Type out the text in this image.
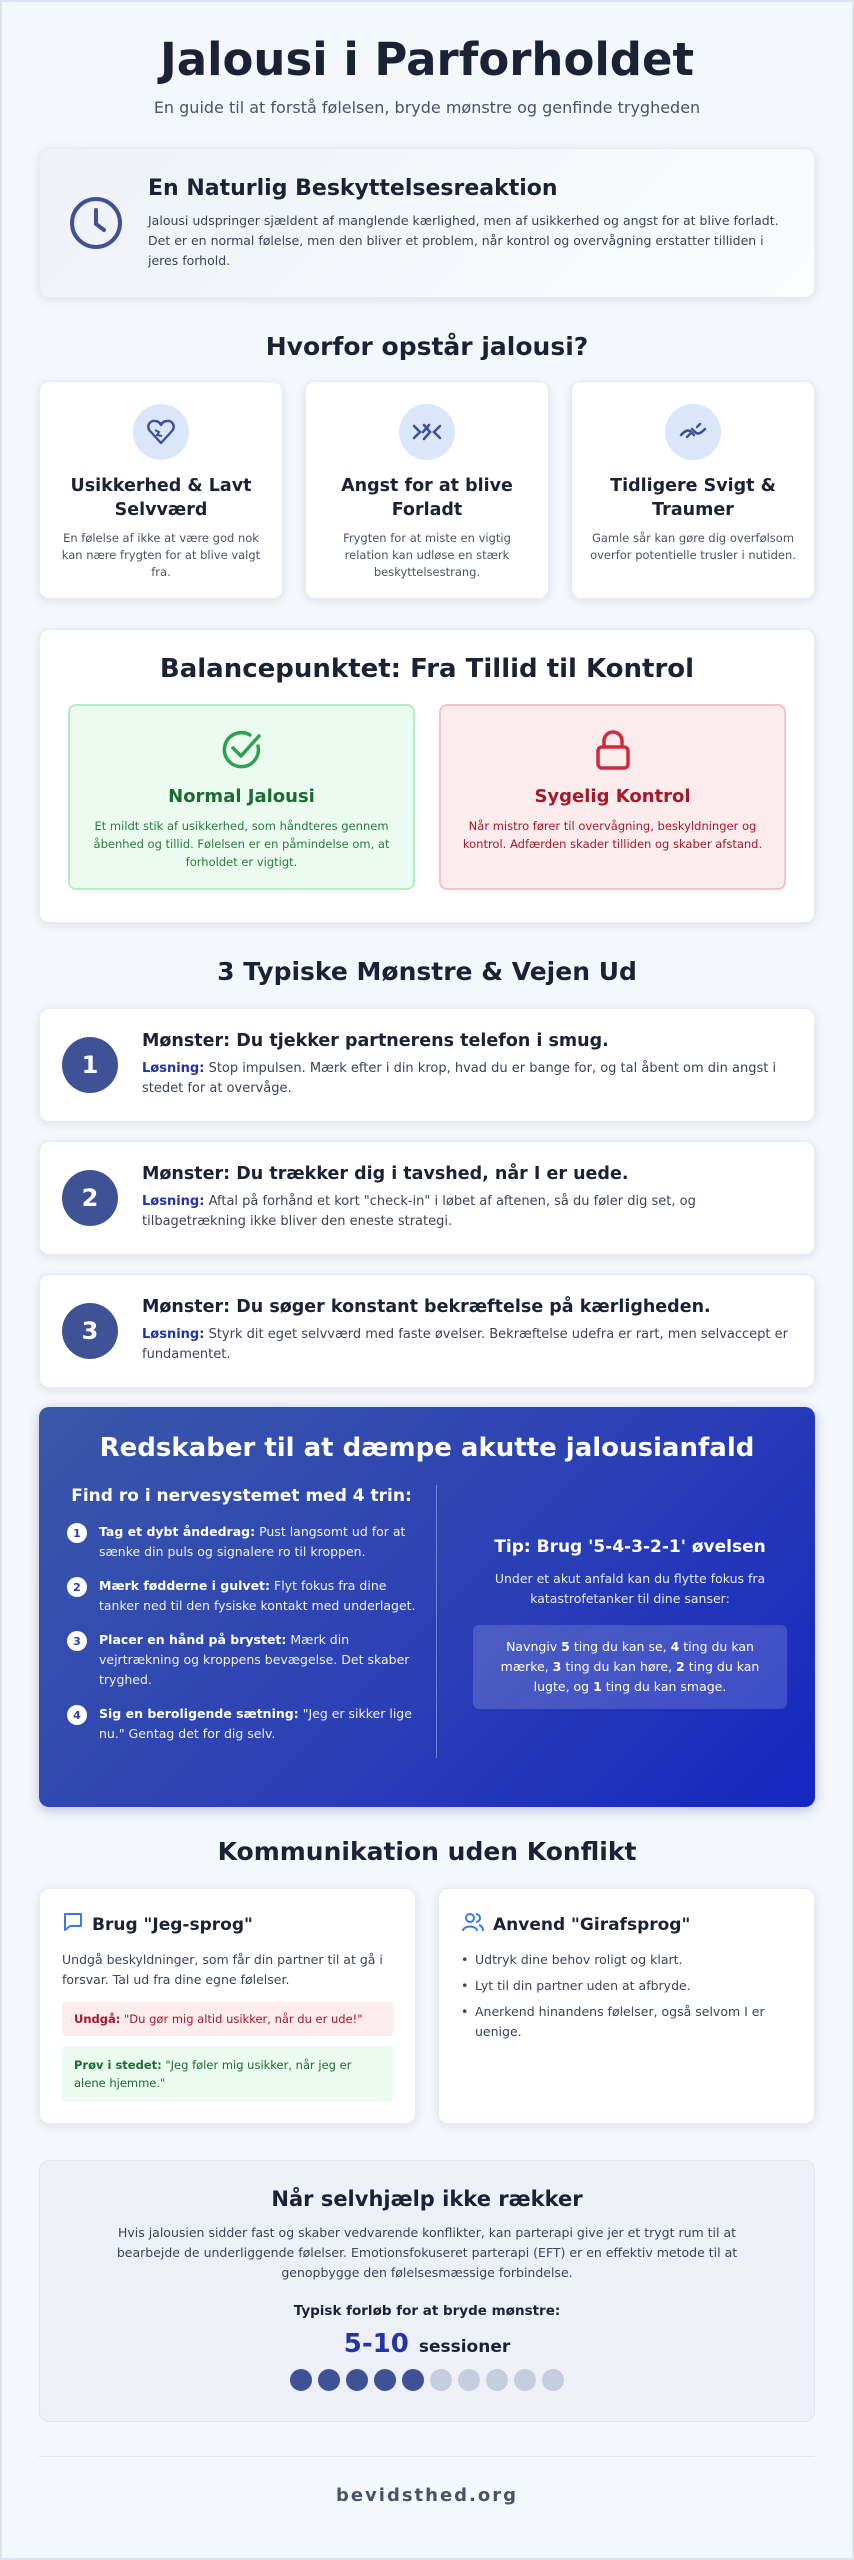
Jalousi i Parforholdet

En guide til at forstå følelsen, bryde mønstre og genfinde trygheden

En Naturlig Beskyttelsesreaktion

Jalousi udspringer sjældent af manglende kærlighed, men af usikkerhed og angst for at blive forladt. Det er en normal følelse, men den bliver et problem, når kontrol og overvågning erstatter tilliden i jeres forhold.

Hvorfor opstår jalousi?
Usikkerhed & Lavt Selvværd

En følelse af ikke at være god nok kan nære frygten for at blive valgt fra.

Angst for at blive Forladt

Frygten for at miste en vigtig relation kan udløse en stærk beskyttelsestrang.

Tidligere Svigt & Traumer

Gamle sår kan gøre dig overfølsom overfor potentielle trusler i nutiden.

Balancepunktet: Fra Tillid til Kontrol
Normal Jalousi

Et mildt stik af usikkerhed, som håndteres gennem åbenhed og tillid. Følelsen er en påmindelse om, at forholdet er vigtigt.

Sygelig Kontrol

Når mistro fører til overvågning, beskyldninger og kontrol. Adfærden skader tilliden og skaber afstand.

3 Typiske Mønstre & Vejen Ud
1
Mønster: Du tjekker partnerens telefon i smug.

Løsning: Stop impulsen. Mærk efter i din krop, hvad du er bange for, og tal åbent om din angst i stedet for at overvåge.

2
Mønster: Du trækker dig i tavshed, når I er uede.

Løsning: Aftal på forhånd et kort "check-in" i løbet af aftenen, så du føler dig set, og tilbagetrækning ikke bliver den eneste strategi.

3
Mønster: Du søger konstant bekræftelse på kærligheden.

Løsning: Styrk dit eget selvværd med faste øvelser. Bekræftelse udefra er rart, men selvaccept er fundamentet.

Redskaber til at dæmpe akutte jalousianfald
Find ro i nervesystemet med 4 trin:
1	Tag et dybt åndedrag: Pust langsomt ud for at sænke din puls og signalere ro til kroppen.

2	Mærk fødderne i gulvet: Flyt fokus fra dine tanker ned til den fysiske kontakt med underlaget.

3	Placer en hånd på brystet: Mærk din vejrtrækning og kroppens bevægelse. Det skaber tryghed.

4	Sig en beroligende sætning: "Jeg er sikker lige nu." Gentag det for dig selv.

Tip: Brug '5-4-3-2-1' øvelsen

Under et akut anfald kan du flytte fokus fra katastrofetanker til dine sanser:

Navngiv 5 ting du kan se, 4 ting du kan mærke, 3 ting du kan høre, 2 ting du kan lugte, og 1 ting du kan smage.
Kommunikation uden Konflikt
Brug "Jeg-sprog"

Undgå beskyldninger, som får din partner til at gå i forsvar. Tal ud fra dine egne følelser.

Undgå: "Du gør mig altid usikker, når du er ude!"
Prøv i stedet: "Jeg føler mig usikker, når jeg er alene hjemme."
Anvend "Girafsprog"
• Udtryk dine behov roligt og klart.
• Lyt til din partner uden at afbryde.
• Anerkend hinandens følelser, også selvom I er uenige.
Når selvhjælp ikke rækker

Hvis jalousien sidder fast og skaber vedvarende konflikter, kan parterapi give jer et trygt rum til at bearbejde de underliggende følelser. Emotionsfokuseret parterapi (EFT) er en effektiv metode til at genopbygge den følelsesmæssige forbindelse.

Typisk forløb for at bryde mønstre:
5-10 sessioner
bevidsthed.org
